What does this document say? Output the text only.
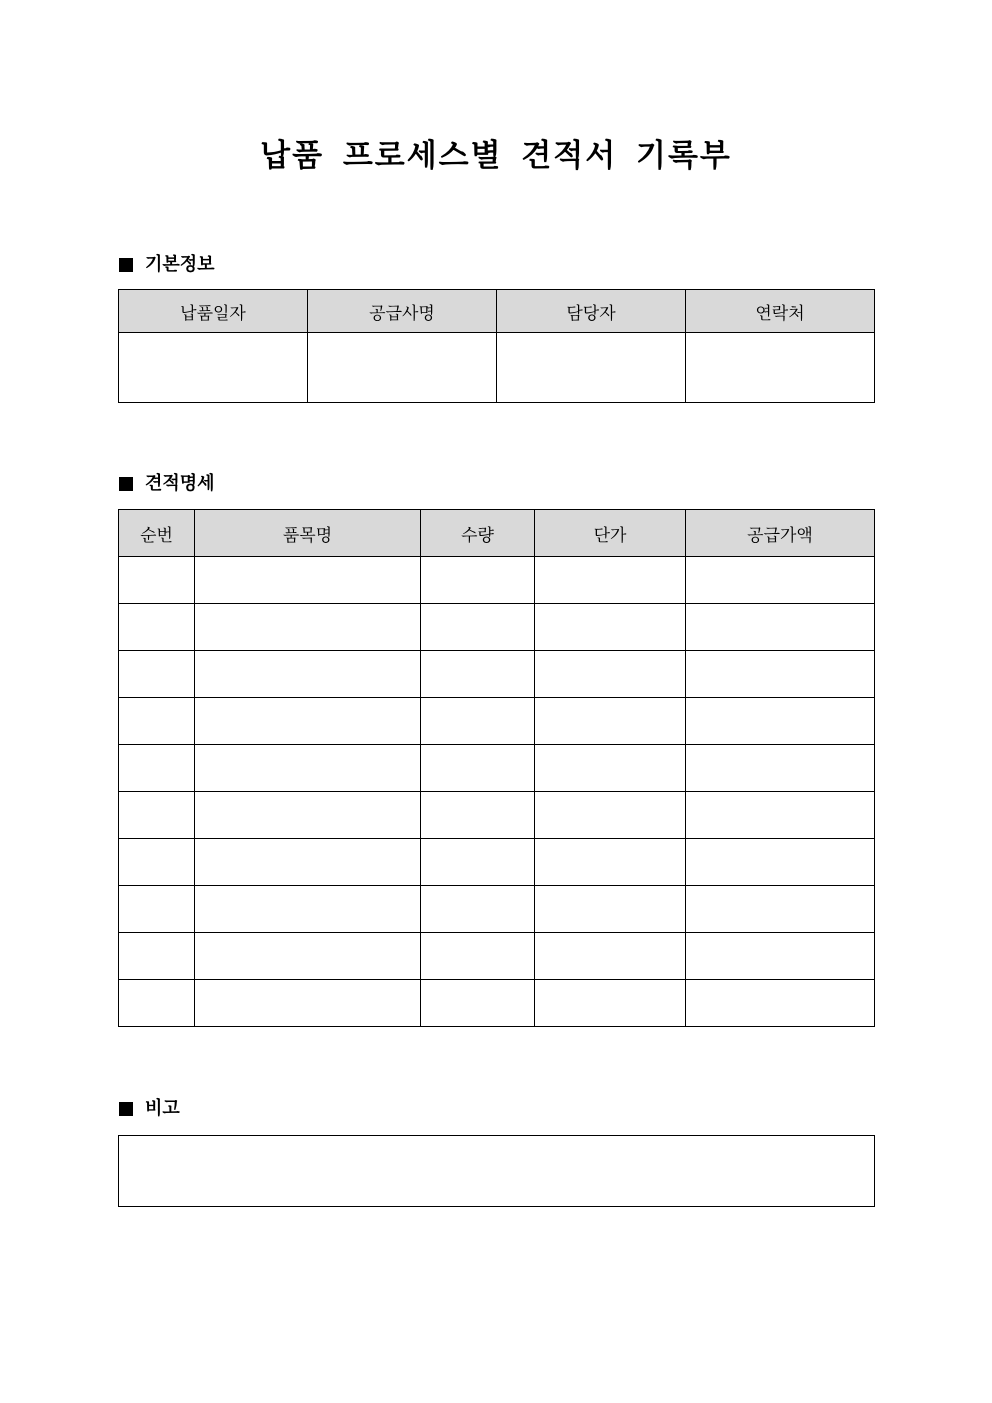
납품 프로세스별 견적서 기록부
기본정보
납품일자	공급사명	담당자	연락처

견적명세
순번	품목명	수량	단가	공급가액

비고
